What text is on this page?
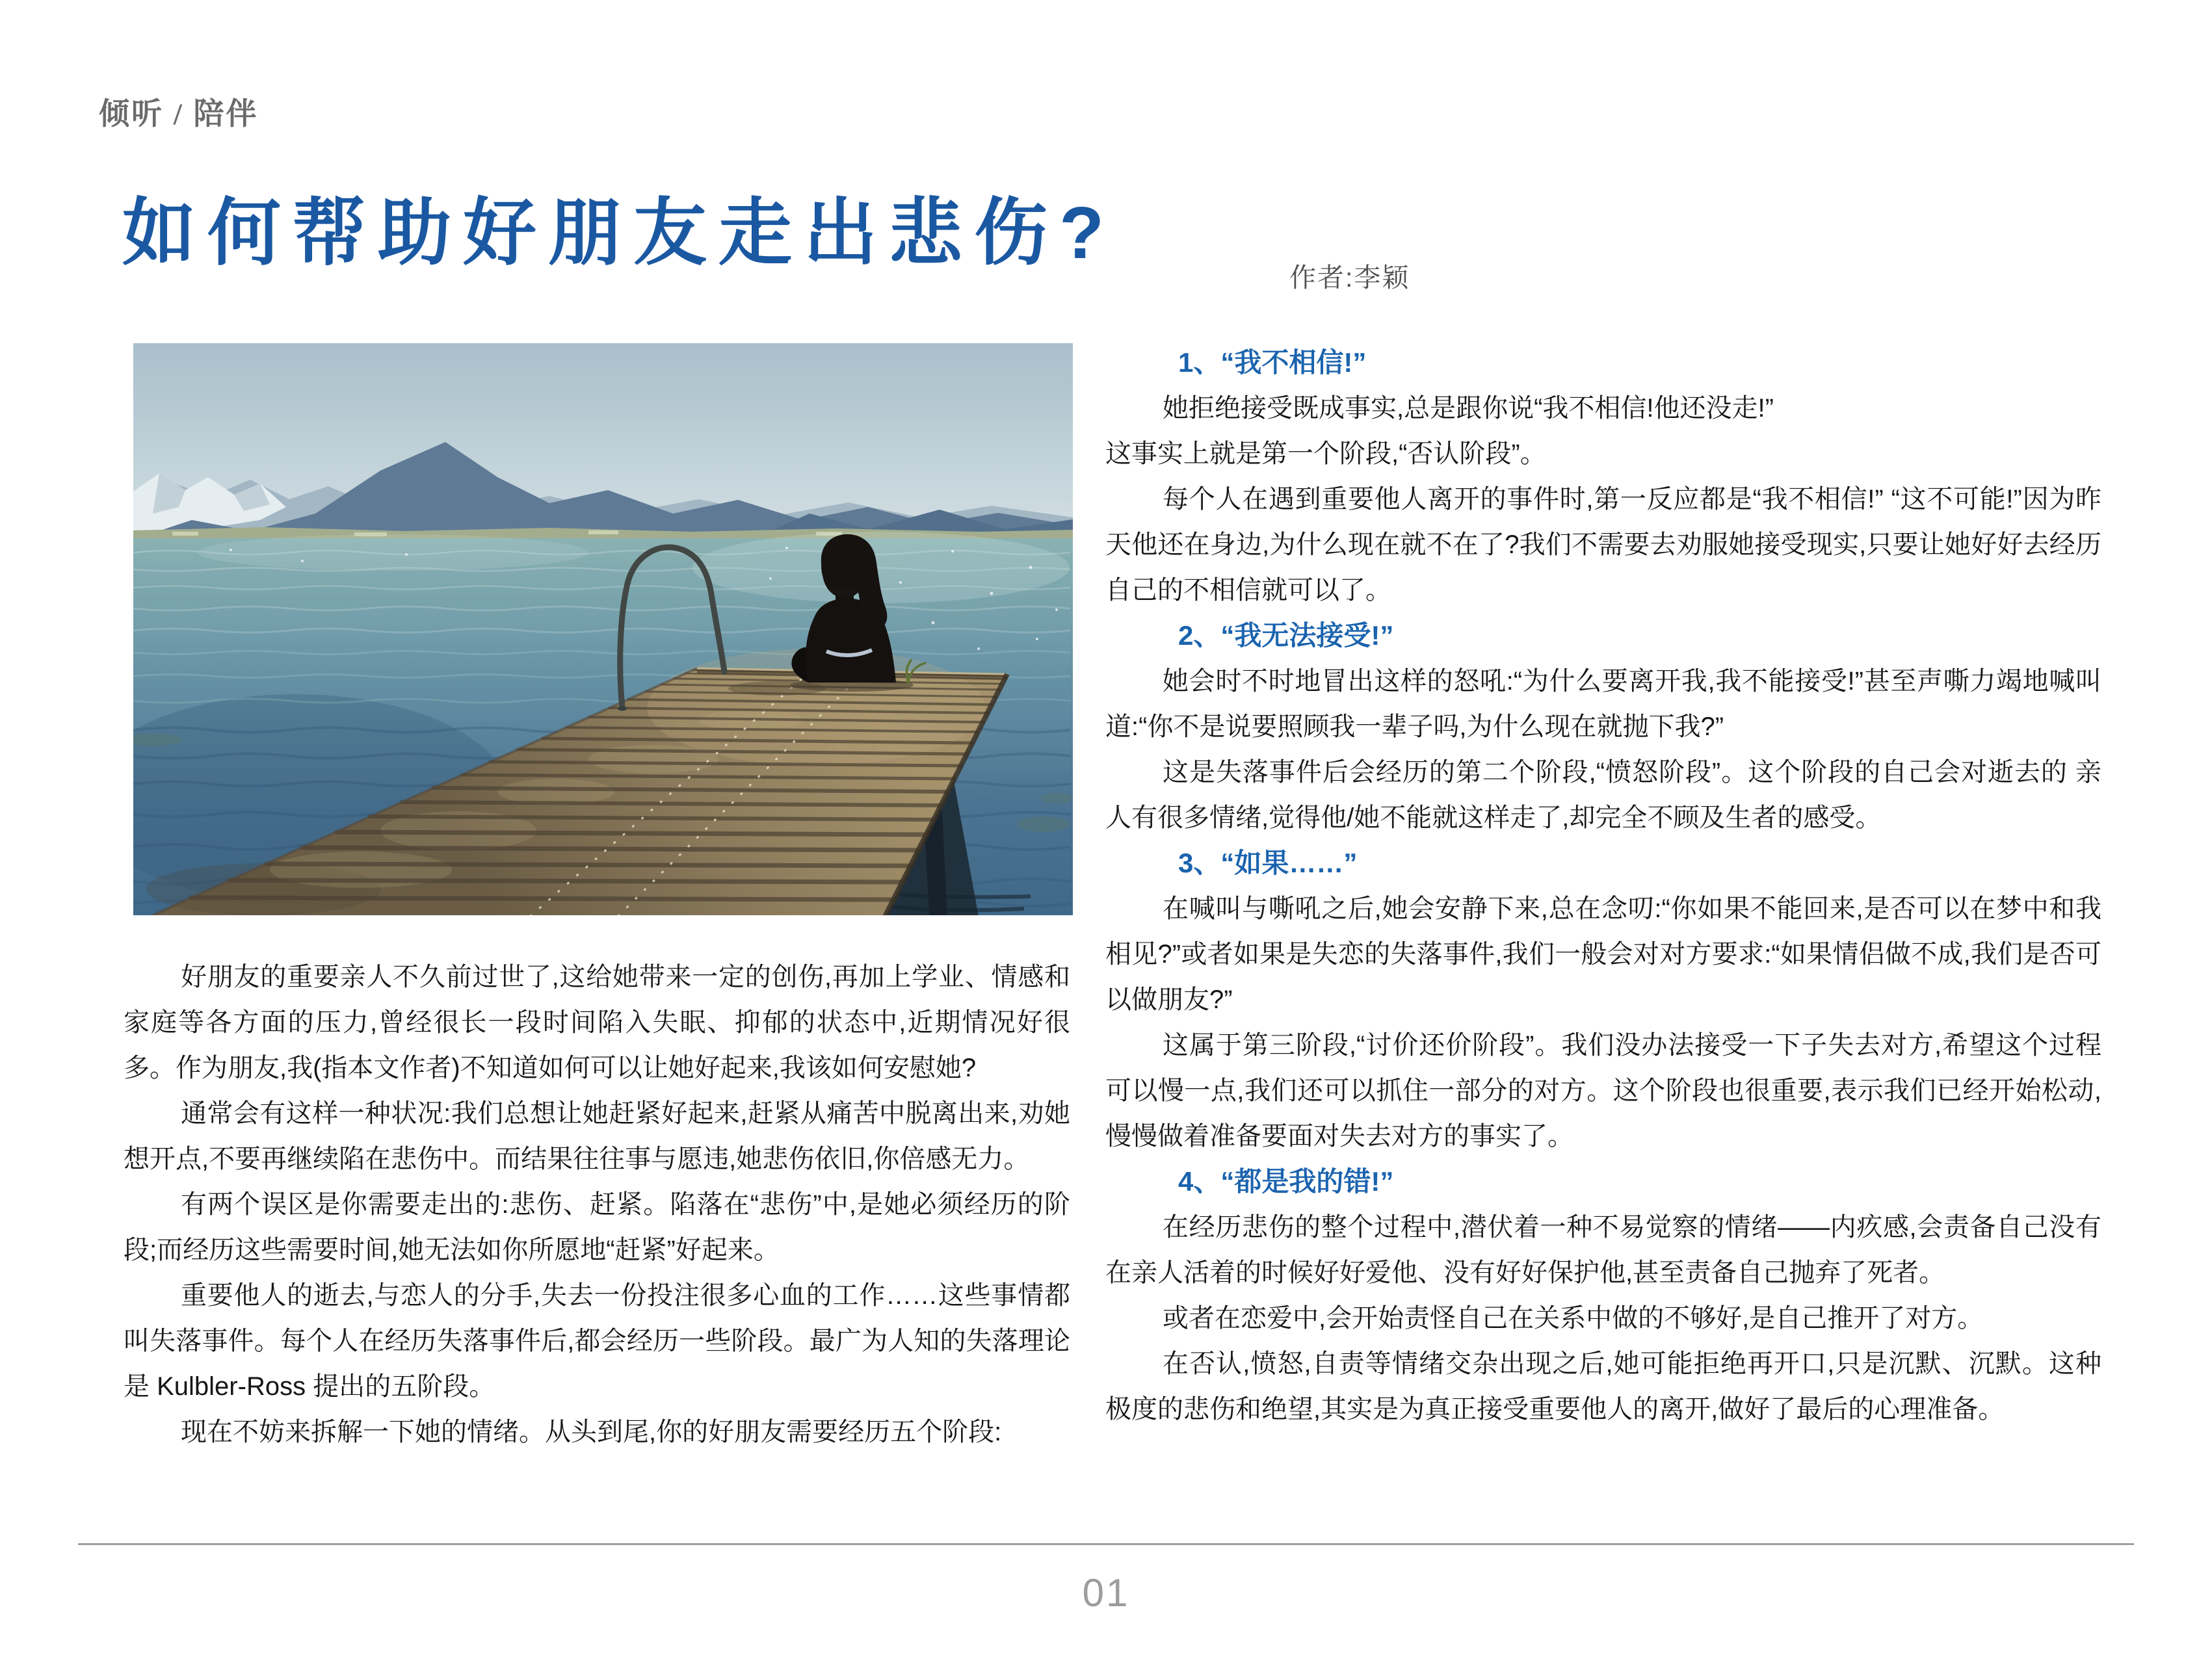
倾听 / 陪伴
如何帮助好朋友走出悲伤?
作者:李颖

好朋友的重要亲人不久前过世了,这给她带来一定的创伤,再加上学业、情感和家庭等各方面的压力,曾经很长一段时间陷入失眠、抑郁的状态中,近期情况好很多。作为朋友,我(指本文作者)不知道如何可以让她好起来,我该如何安慰她?

通常会有这样一种状况:我们总想让她赶紧好起来,赶紧从痛苦中脱离出来,劝她想开点,不要再继续陷在悲伤中。而结果往往事与愿违,她悲伤依旧,你倍感无力。

有两个误区是你需要走出的:悲伤、赶紧。陷落在“悲伤”中,是她必须经历的阶段;而经历这些需要时间,她无法如你所愿地“赶紧”好起来。

重要他人的逝去,与恋人的分手,失去一份投注很多心血的工作……这些事情都叫失落事件。每个人在经历失落事件后,都会经历一些阶段。最广为人知的失落理论是 Kulbler-Ross 提出的五阶段。

现在不妨来拆解一下她的情绪。从头到尾,你的好朋友需要经历五个阶段:

1、“我不相信!”

她拒绝接受既成事实,总是跟你说“我不相信!他还没走!”

这事实上就是第一个阶段,“否认阶段”。

每个人在遇到重要他人离开的事件时,第一反应都是“我不相信!” “这不可能!”因为昨天他还在身边,为什么现在就不在了?我们不需要去劝服她接受现实,只要让她好好去经历自己的不相信就可以了。

2、“我无法接受!”

她会时不时地冒出这样的怒吼:“为什么要离开我,我不能接受!”甚至声嘶力竭地喊叫道:“你不是说要照顾我一辈子吗,为什么现在就抛下我?”

这是失落事件后会经历的第二个阶段,“愤怒阶段”。这个阶段的自己会对逝去的 亲人有很多情绪,觉得他/她不能就这样走了,却完全不顾及生者的感受。

3、“如果……”

在喊叫与嘶吼之后,她会安静下来,总在念叨:“你如果不能回来,是否可以在梦中和我相见?”或者如果是失恋的失落事件,我们一般会对对方要求:“如果情侣做不成,我们是否可以做朋友?”

这属于第三阶段,“讨价还价阶段”。我们没办法接受一下子失去对方,希望这个过程可以慢一点,我们还可以抓住一部分的对方。这个阶段也很重要,表示我们已经开始松动,慢慢做着准备要面对失去对方的事实了。

4、“都是我的错!”

在经历悲伤的整个过程中,潜伏着一种不易觉察的情绪——内疚感,会责备自己没有在亲人活着的时候好好爱他、没有好好保护他,甚至责备自己抛弃了死者。

或者在恋爱中,会开始责怪自己在关系中做的不够好,是自己推开了对方。

在否认,愤怒,自责等情绪交杂出现之后,她可能拒绝再开口,只是沉默、沉默。这种极度的悲伤和绝望,其实是为真正接受重要他人的离开,做好了最后的心理准备。

01
